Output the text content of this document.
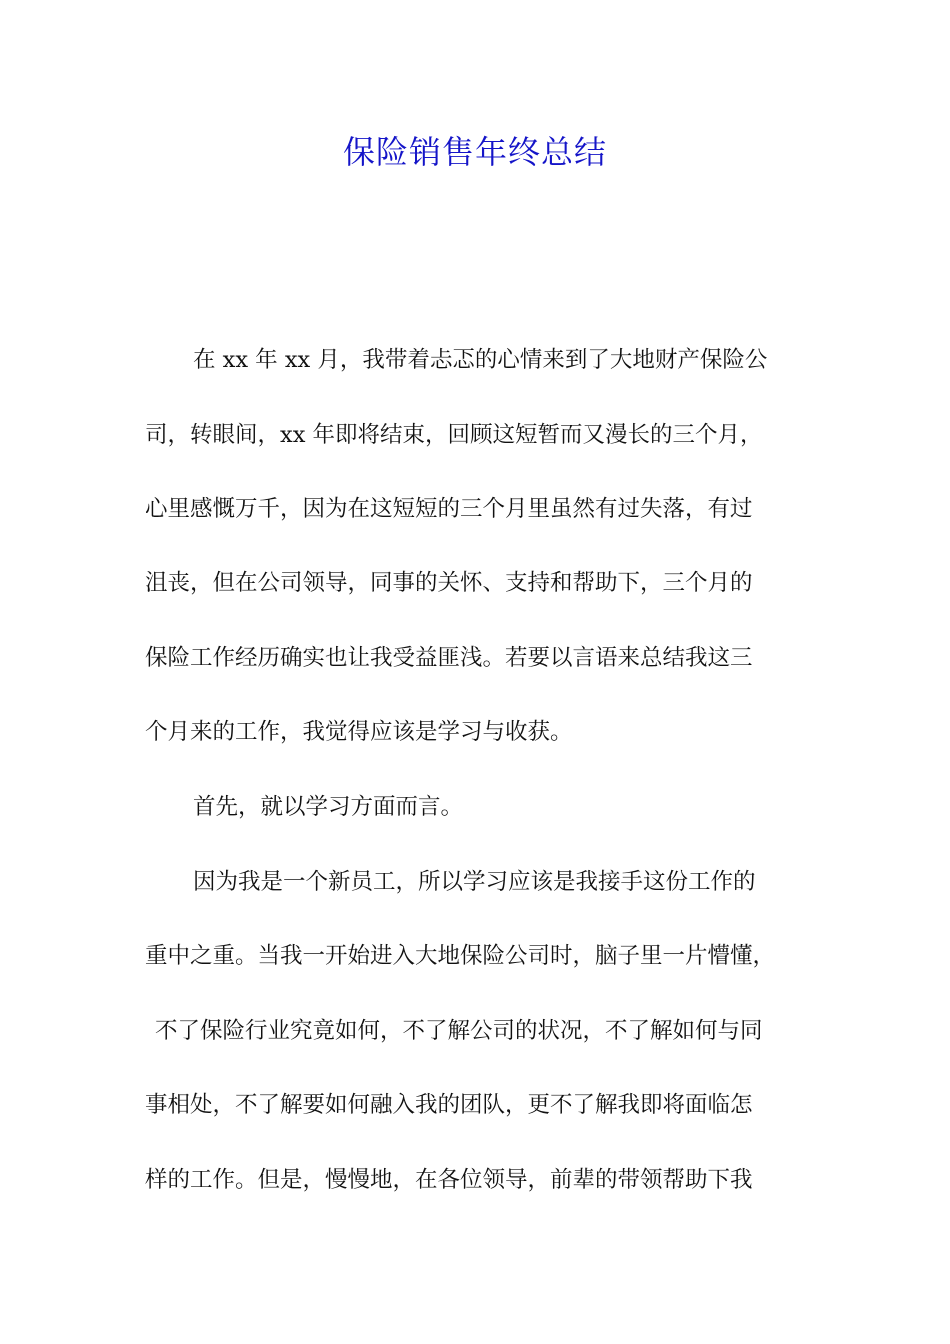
保险销售年终总结
在 xx 年 xx 月，我带着忐忑的心情来到了大地财产保险公
司，转眼间，xx 年即将结束，回顾这短暂而又漫长的三个月，
心里感慨万千，因为在这短短的三个月里虽然有过失落，有过
沮丧，但在公司领导，同事的关怀、支持和帮助下，三个月的
保险工作经历确实也让我受益匪浅。若要以言语来总结我这三
个月来的工作，我觉得应该是学习与收获。
首先，就以学习方面而言。
因为我是一个新员工，所以学习应该是我接手这份工作的
重中之重。当我一开始进入大地保险公司时，脑子里一片懵懂，
不了保险行业究竟如何，不了解公司的状况，不了解如何与同
事相处，不了解要如何融入我的团队，更不了解我即将面临怎
样的工作。但是，慢慢地，在各位领导，前辈的带领帮助下我
